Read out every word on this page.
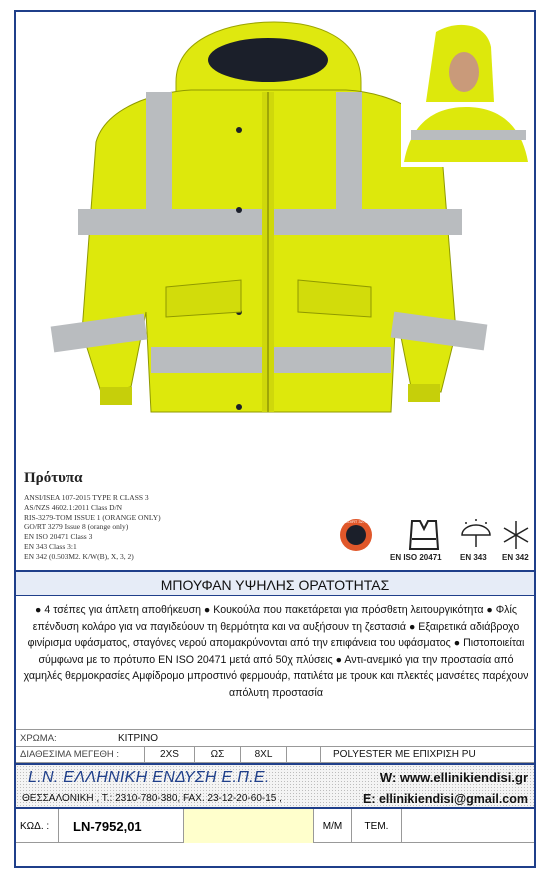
Πρότυπα
ANSI/ISEA 107-2015 TYPE R CLASS 3
AS/NZS 4602.1:2011 Class D/N
RIS-3279-TOM ISSUE 1 (ORANGE ONLY)
GO/RT 3279 Issue 8 (orange only)
EN ISO 20471 Class 3
EN 343 Class 3:1
EN 342 (0.503M2. K/W(B), X, 3, 2)
GO/RT 3279
EN ISO 20471 EN 343 EN 342
ΜΠΟΥΦΑΝ ΥΨΗΛΗΣ ΟΡΑΤΟΤΗΤΑΣ
● 4 τσέπες για άπλετη αποθήκευση ● Κουκούλα που πακετάρεται για πρόσθετη λειτουργικότητα ● Φλίς επένδυση κολάρο για να παγιδεύουν τη θερμότητα και να αυξήσουν τη ζεστασιά ● Εξαιρετικά αδιάβροχο φινίρισμα υφάσματος, σταγόνες νερού απομακρύνονται από την επιφάνεια του υφάσματος ● Πιστοποιείται σύμφωνα με το πρότυπο EN ISO 20471 μετά από 50χ πλύσεις ● Αντι-ανεμικό για την προστασία από χαμηλές θερμοκρασίες Αμφίδρομο μπροστινό φερμουάρ, πατιλέτα με τρουκ και πλεκτές μανσέτες παρέχουν απόλυτη προστασία
ΧΡΩΜΑ:	ΚΙΤΡΙΝΟ
ΔΙΑΘΕΣΙΜΑ ΜΕΓΕΘΗ :	2XS	ΩΣ	8XL	POLYESTER ΜΕ ΕΠΙΧΡΙΣΗ PU
L.N. ΕΛΛΗΝΙΚΗ ΕΝΔΥΣΗ Ε.Π.Ε.	W: www.ellinikiendisi.gr
ΘΕΣΣΑΛΟΝΙΚΗ , Τ.: 2310-780-380, FAX. 23-12-20-60-15 ,	E: ellinikiendisi@gmail.com
ΚΩΔ. :	LN-7952,01	Μ/Μ	ΤΕΜ.
